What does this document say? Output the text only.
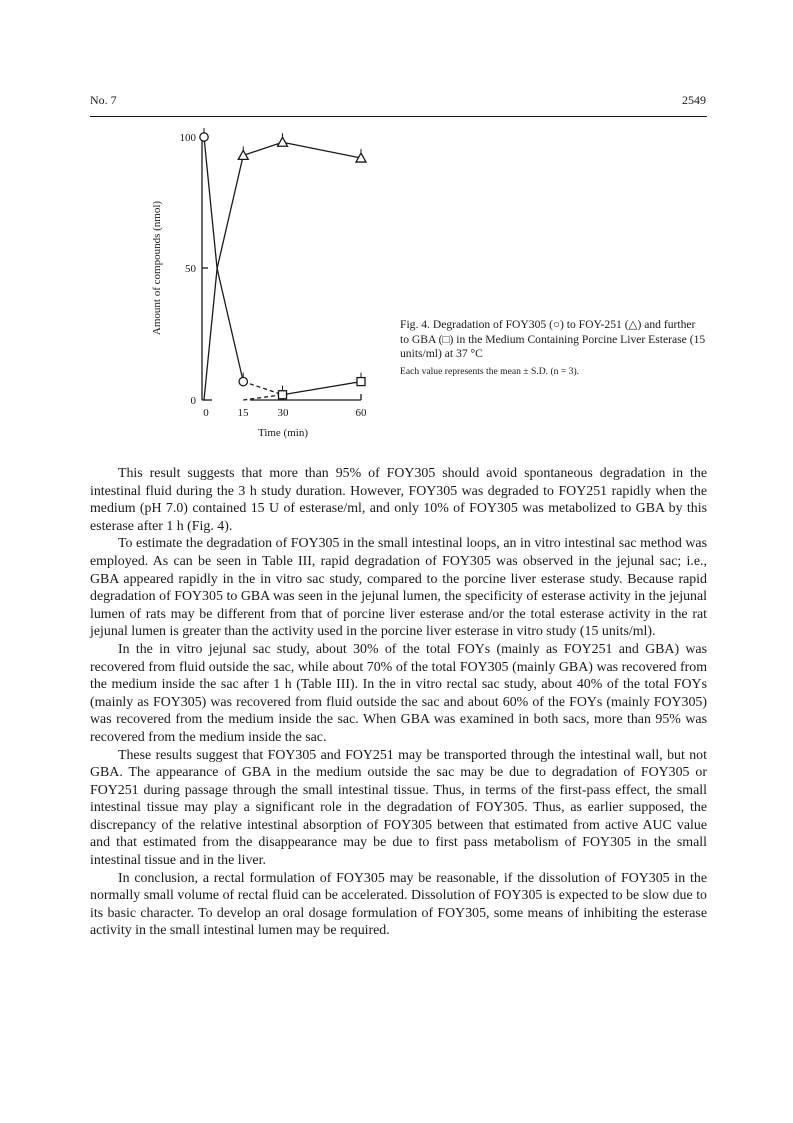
No. 7	2549
100
50
0
0	15	30	60
Time (min)
Amount of compounds (nmol)	Fig. 4. Degradation of FOY305 (○) to FOY-251 (△) and further to GBA (□) in the Medium Containing Porcine Liver Esterase (15 units/ml) at 37 °C

Each value represents the mean ± S.D. (n = 3).

This result suggests that more than 95% of FOY305 should avoid spontaneous degradation in the intestinal fluid during the 3 h study duration. However, FOY305 was degraded to FOY251 rapidly when the medium (pH 7.0) contained 15 U of esterase/ml, and only 10% of FOY305 was metabolized to GBA by this esterase after 1 h (Fig. 4).

To estimate the degradation of FOY305 in the small intestinal loops, an in vitro intestinal sac method was employed. As can be seen in Table III, rapid degradation of FOY305 was observed in the jejunal sac; i.e., GBA appeared rapidly in the in vitro sac study, compared to the porcine liver esterase study. Because rapid degradation of FOY305 to GBA was seen in the jejunal lumen, the specificity of esterase activity in the jejunal lumen of rats may be different from that of porcine liver esterase and/or the total esterase activity in the rat jejunal lumen is greater than the activity used in the porcine liver esterase in vitro study (15 units/ml).

In the in vitro jejunal sac study, about 30% of the total FOYs (mainly as FOY251 and GBA) was recovered from fluid outside the sac, while about 70% of the total FOY305 (mainly GBA) was recovered from the medium inside the sac after 1 h (Table III). In the in vitro rectal sac study, about 40% of the total FOYs (mainly as FOY305) was recovered from fluid outside the sac and about 60% of the FOYs (mainly FOY305) was recovered from the medium inside the sac. When GBA was examined in both sacs, more than 95% was recovered from the medium inside the sac.

These results suggest that FOY305 and FOY251 may be transported through the intestinal wall, but not GBA. The appearance of GBA in the medium outside the sac may be due to degradation of FOY305 or FOY251 during passage through the small intestinal tissue. Thus, in terms of the first-pass effect, the small intestinal tissue may play a significant role in the degradation of FOY305. Thus, as earlier supposed, the discrepancy of the relative intestinal absorption of FOY305 between that estimated from active AUC value and that estimated from the disappearance may be due to first pass metabolism of FOY305 in the small intestinal tissue and in the liver.

In conclusion, a rectal formulation of FOY305 may be reasonable, if the dissolution of FOY305 in the normally small volume of rectal fluid can be accelerated. Dissolution of FOY305 is expected to be slow due to its basic character. To develop an oral dosage formulation of FOY305, some means of inhibiting the esterase activity in the small intestinal lumen may be required.
